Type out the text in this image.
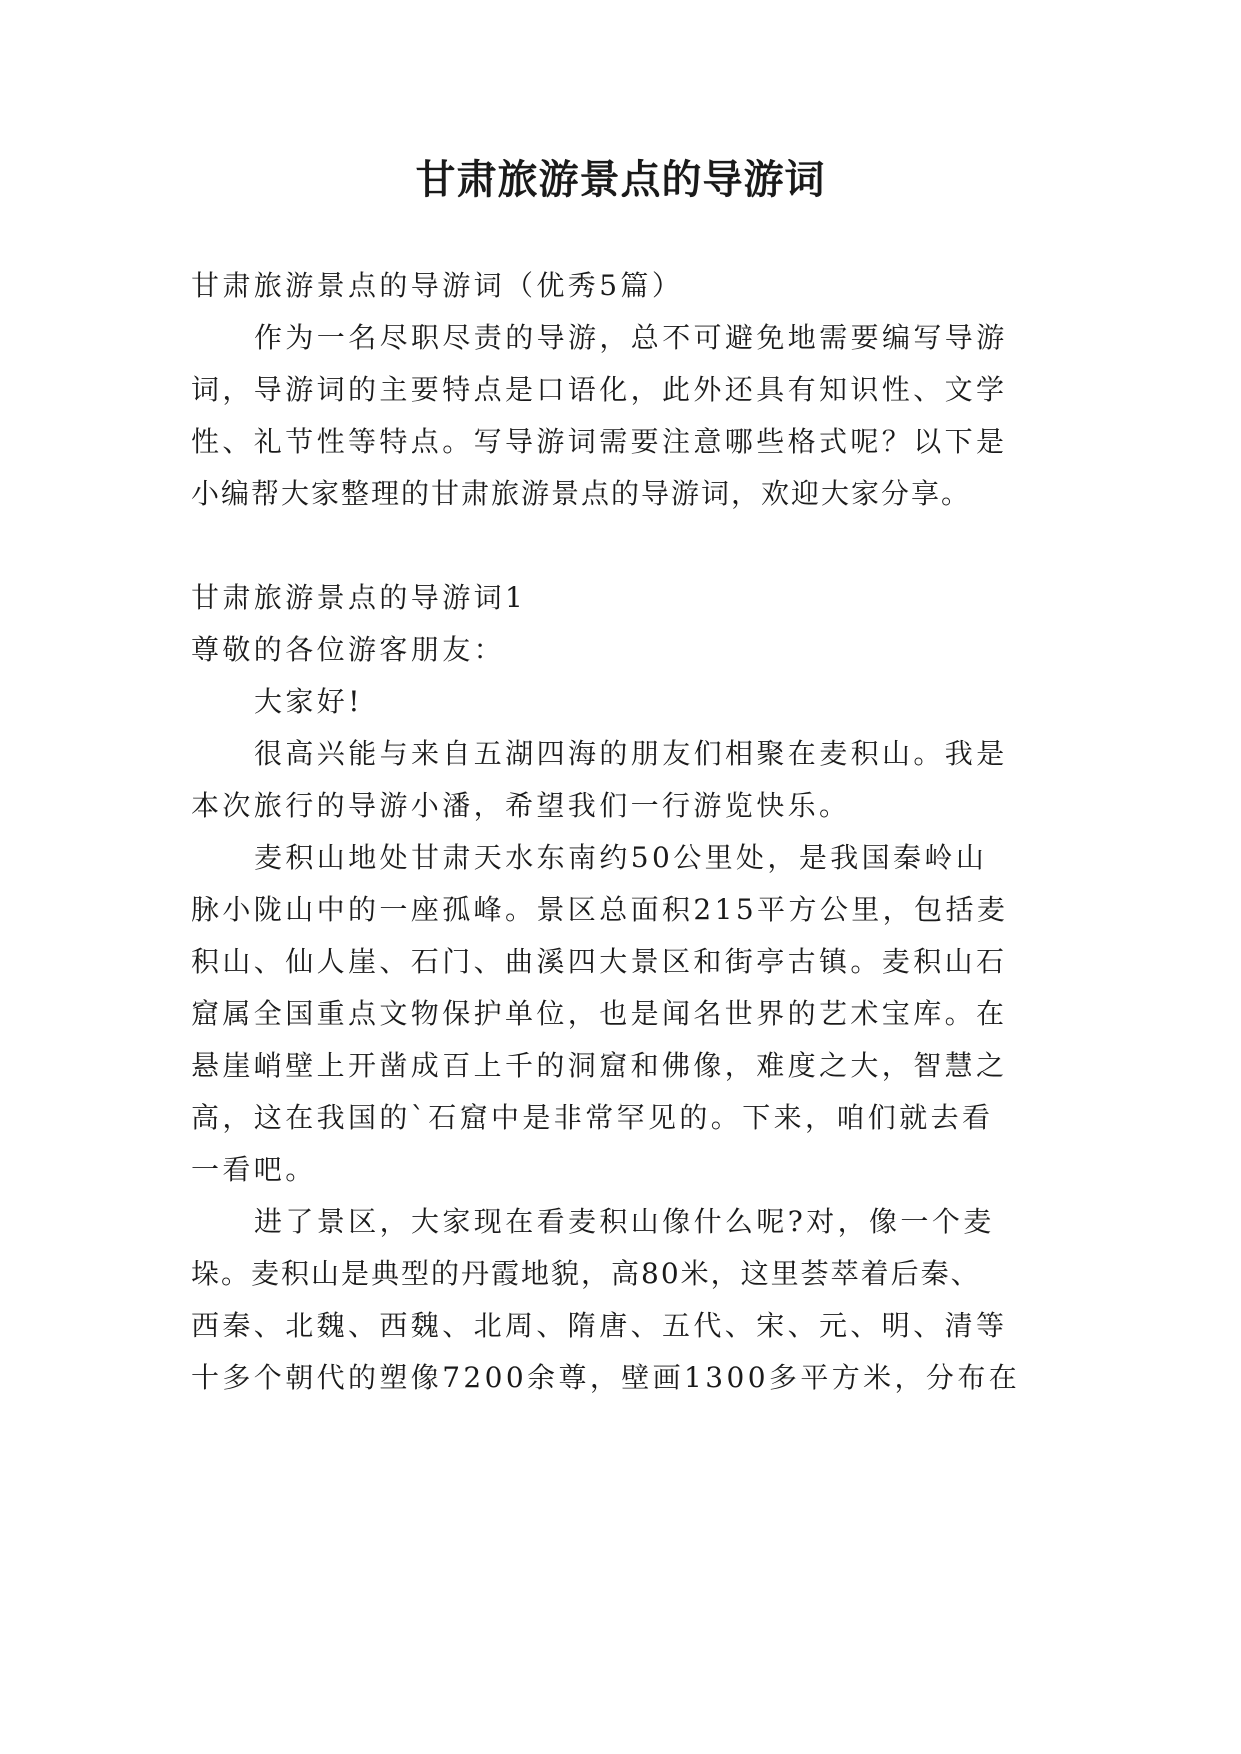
甘肃旅游景点的导游词
甘肃旅游景点的导游词（优秀5篇）
作为一名尽职尽责的导游，总不可避免地需要编写导游
词，导游词的主要特点是口语化，此外还具有知识性、文学
性、礼节性等特点。写导游词需要注意哪些格式呢？以下是
小编帮大家整理的甘肃旅游景点的导游词，欢迎大家分享。
甘肃旅游景点的导游词1
尊敬的各位游客朋友：
大家好!
很高兴能与来自五湖四海的朋友们相聚在麦积山。我是
本次旅行的导游小潘，希望我们一行游览快乐。
麦积山地处甘肃天水东南约50公里处，是我国秦岭山
脉小陇山中的一座孤峰。景区总面积215平方公里，包括麦
积山、仙人崖、石门、曲溪四大景区和街亭古镇。麦积山石
窟属全国重点文物保护单位，也是闻名世界的艺术宝库。在
悬崖峭壁上开凿成百上千的洞窟和佛像，难度之大，智慧之
高，这在我国的`石窟中是非常罕见的。下来，咱们就去看
一看吧。
进了景区，大家现在看麦积山像什么呢?对，像一个麦
垛。麦积山是典型的丹霞地貌，高80米，这里荟萃着后秦、
西秦、北魏、西魏、北周、隋唐、五代、宋、元、明、清等
十多个朝代的塑像7200余尊，壁画1300多平方米，分布在
